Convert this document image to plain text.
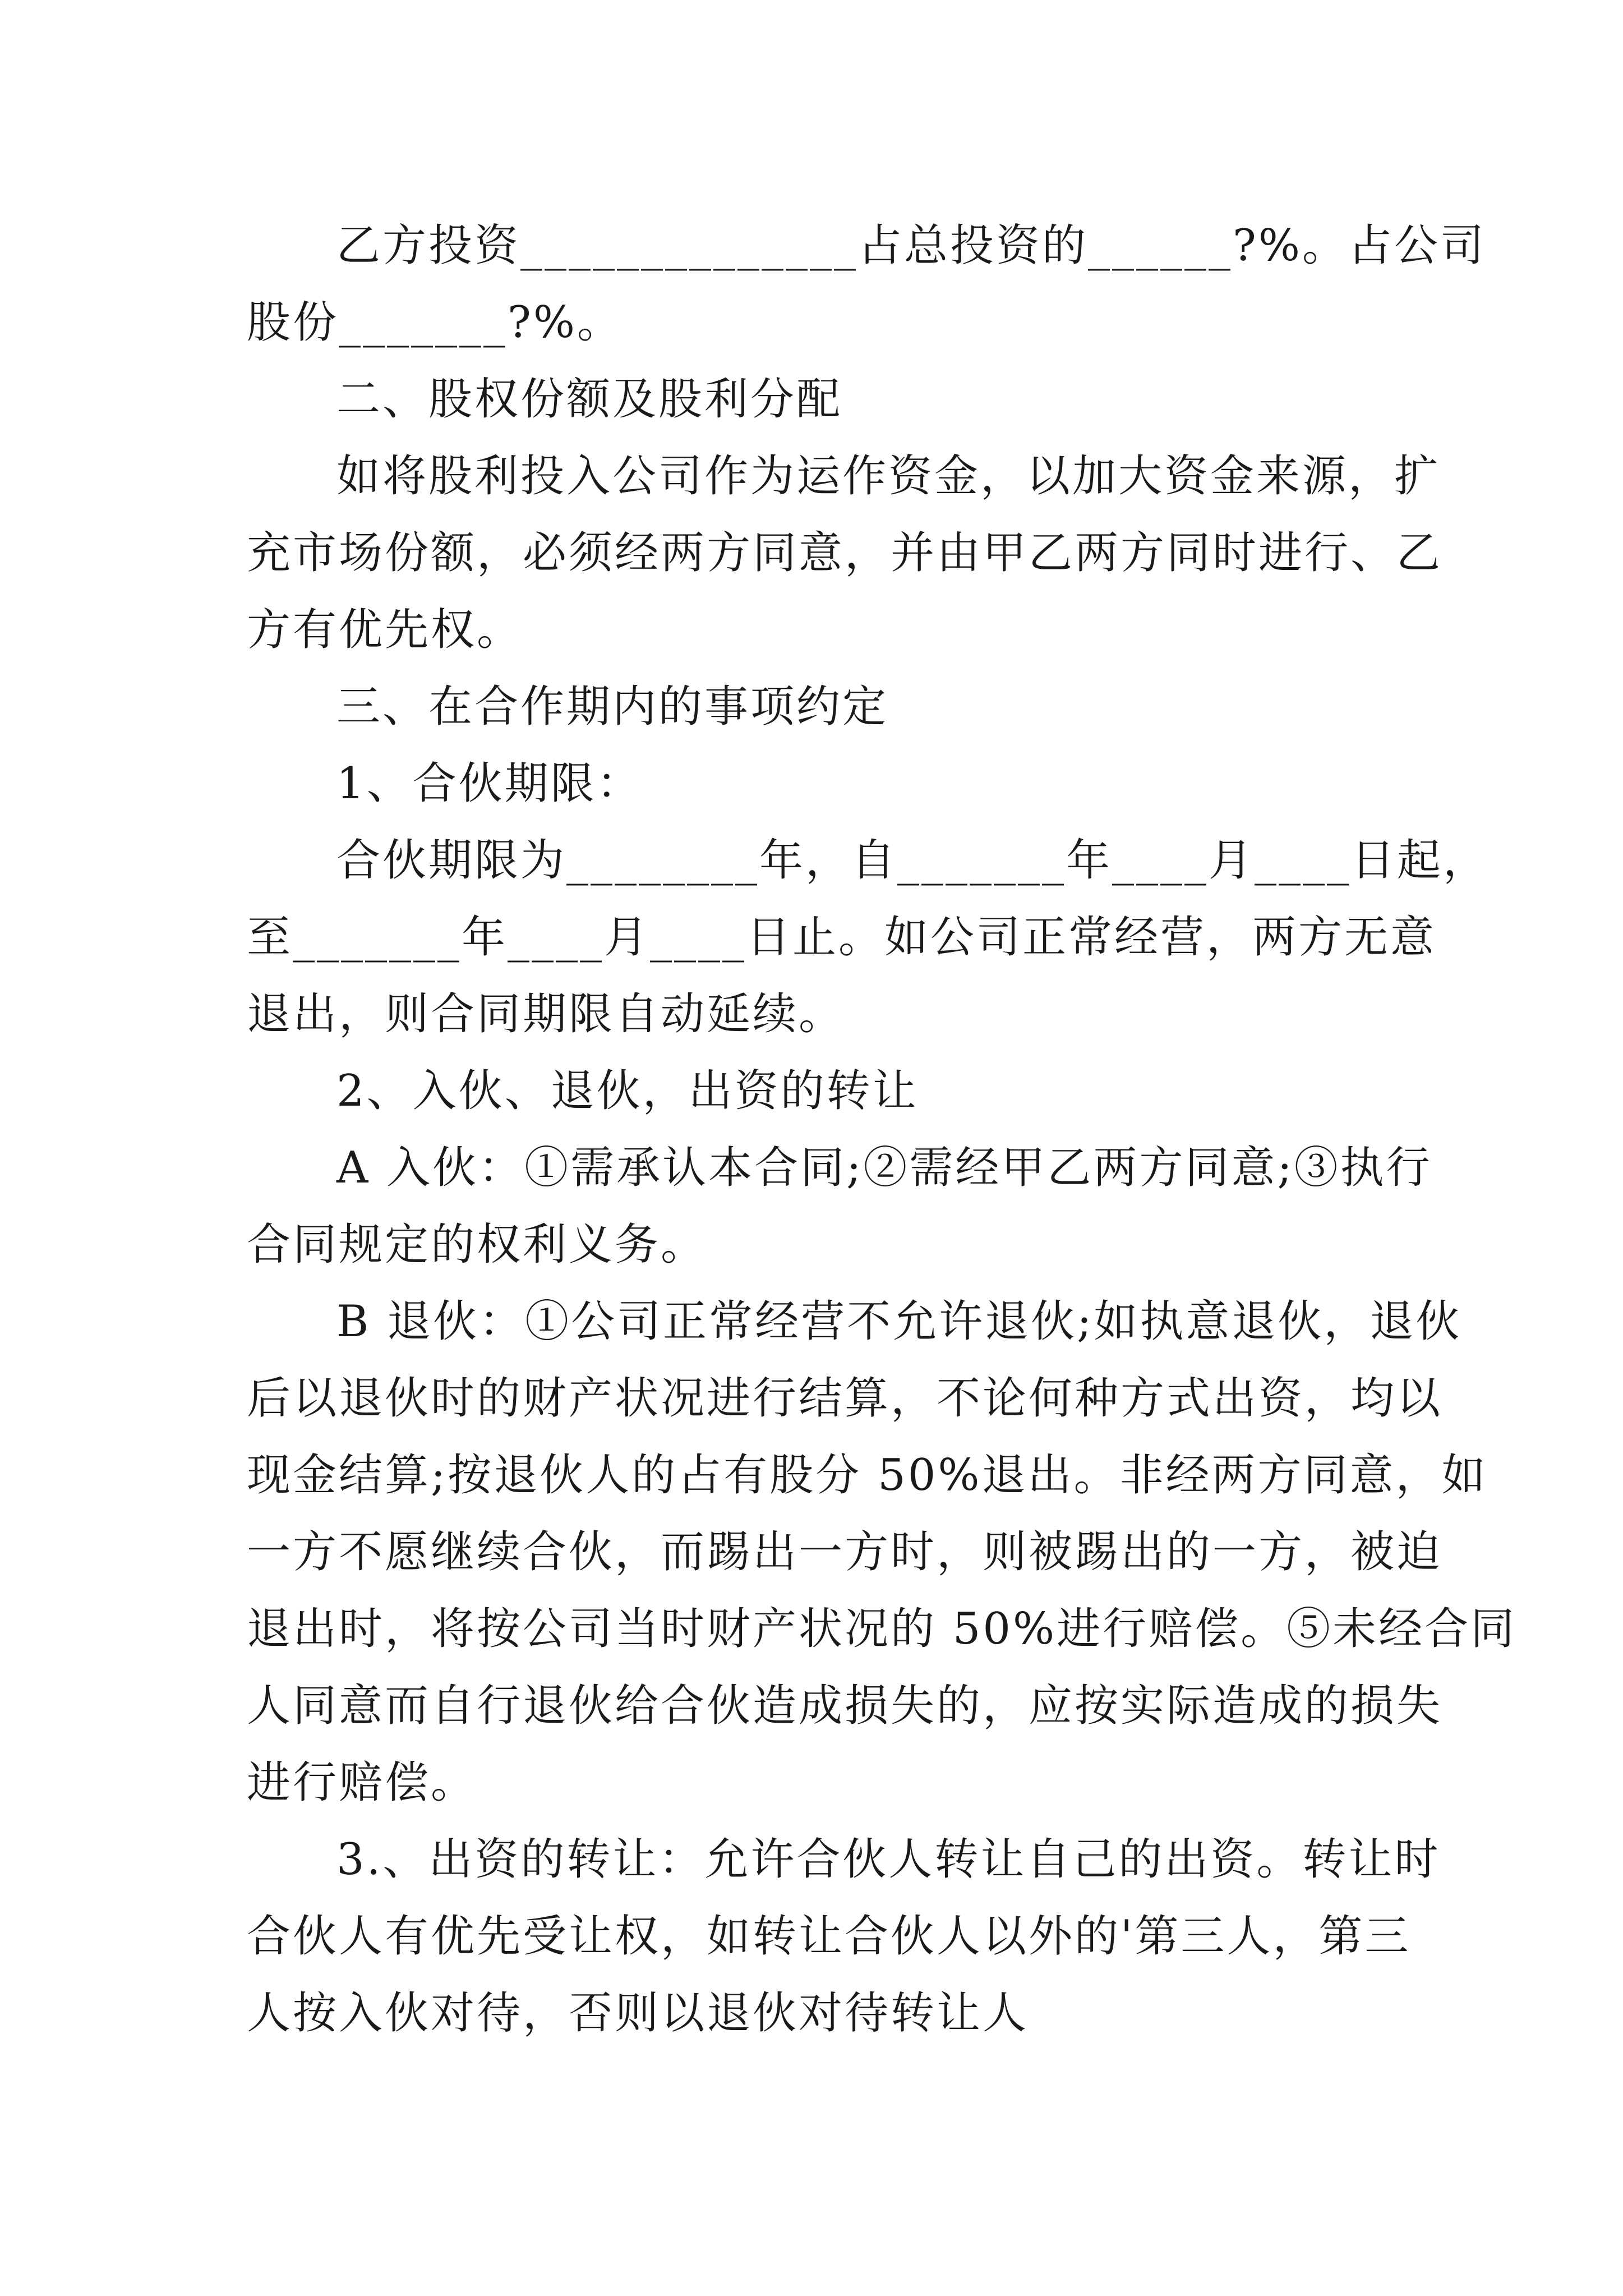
乙方投资______________占总投资的______?%。占公司
股份_______?%。
二、股权份额及股利分配
如将股利投入公司作为运作资金，以加大资金来源，扩
充市场份额，必须经两方同意，并由甲乙两方同时进行、乙
方有优先权。
三、在合作期内的事项约定
1、合伙期限：
合伙期限为________年，自_______年____月____日起，
至_______年____月____日止。如公司正常经营，两方无意
退出，则合同期限自动延续。
2、入伙、退伙，出资的转让
A 入伙：①需承认本合同;②需经甲乙两方同意;③执行
合同规定的权利义务。
B 退伙：①公司正常经营不允许退伙;如执意退伙，退伙
后以退伙时的财产状况进行结算，不论何种方式出资，均以
现金结算;按退伙人的占有股分 50%退出。非经两方同意，如
一方不愿继续合伙，而踢出一方时，则被踢出的一方，被迫
退出时，将按公司当时财产状况的 50%进行赔偿。⑤未经合同
人同意而自行退伙给合伙造成损失的，应按实际造成的损失
进行赔偿。
3.、出资的转让：允许合伙人转让自己的出资。转让时
合伙人有优先受让权，如转让合伙人以外的'第三人，第三
人按入伙对待，否则以退伙对待转让人
